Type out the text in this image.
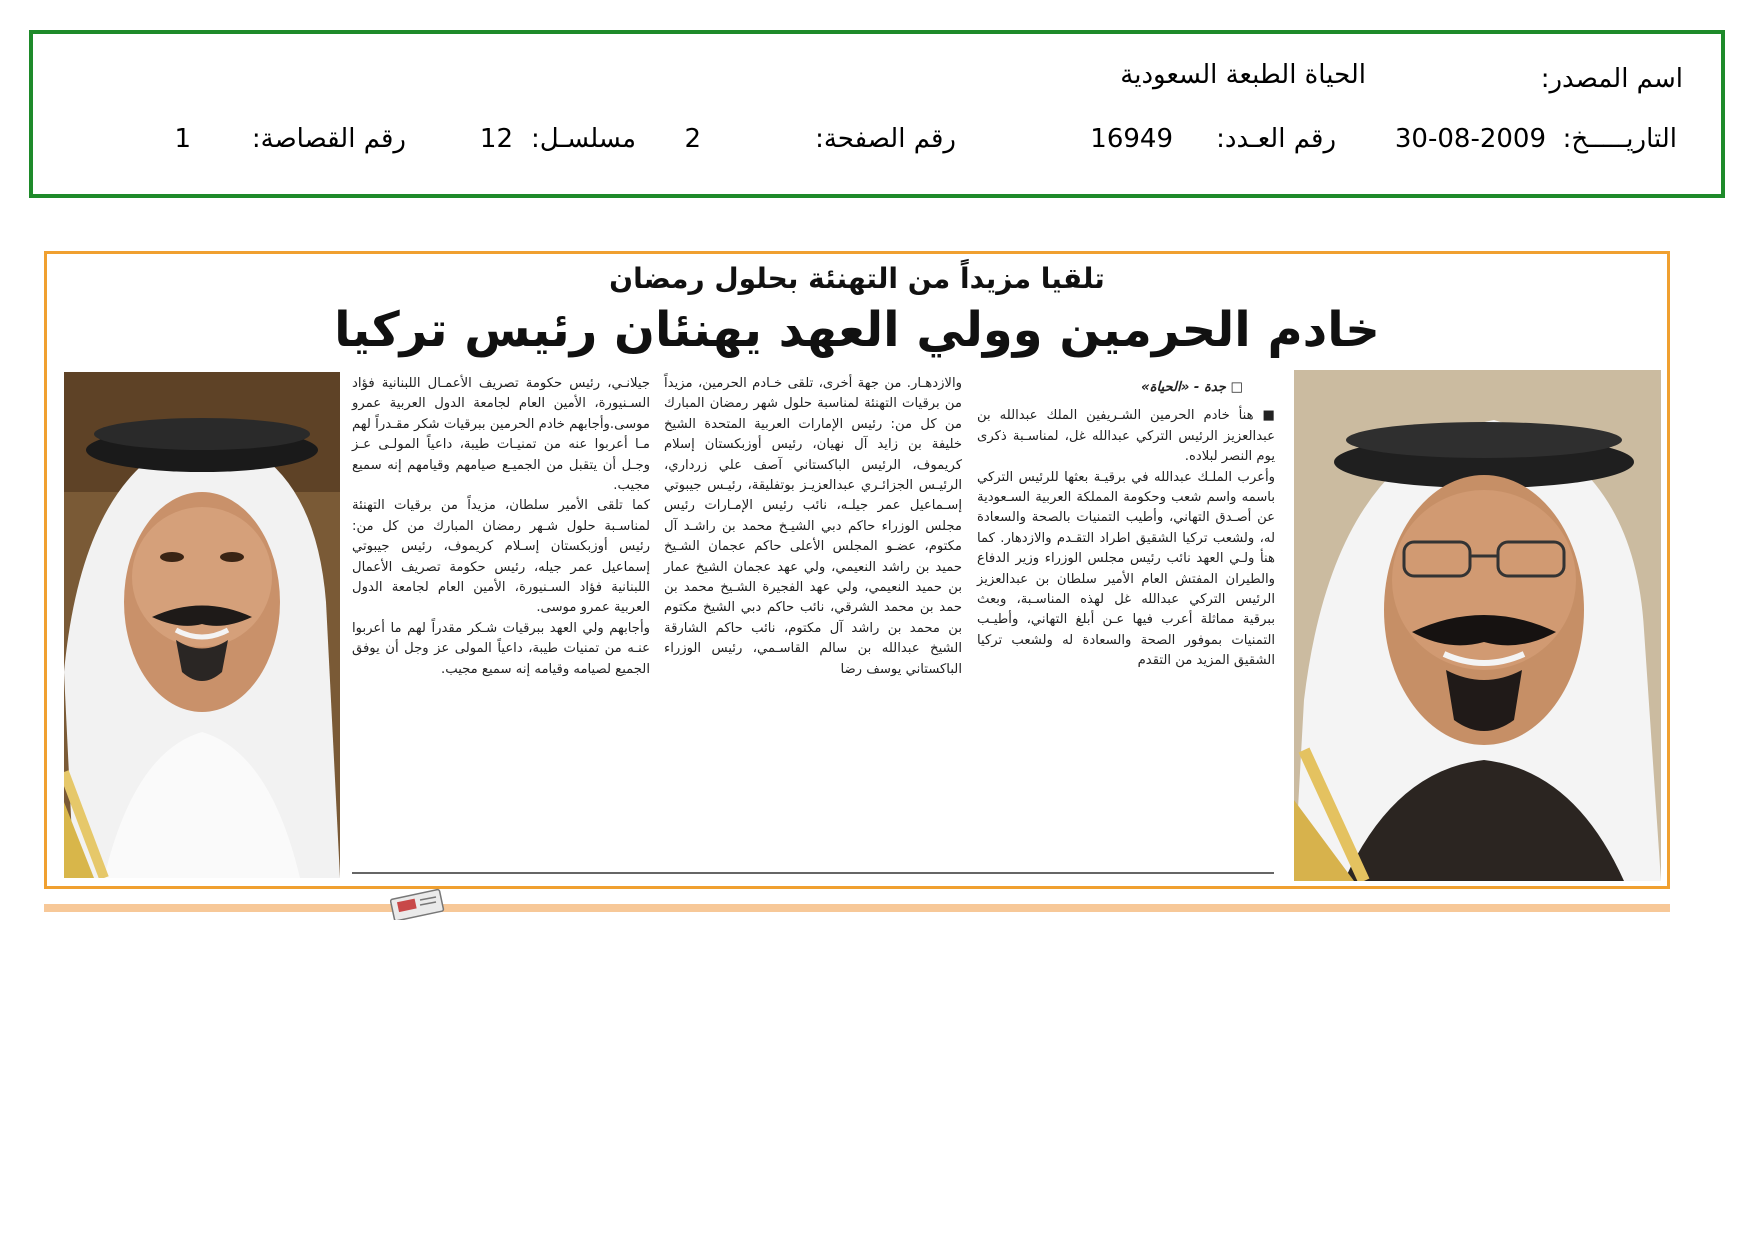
اسم المصدر:
الحياة الطبعة السعودية
التاريـــــخ:
30-08-2009
رقم العـدد:
16949
رقم الصفحة:
2
مسلسـل:
12
رقم القصاصة:
1
تلقيا مزيداً من التهنئة بحلول رمضان
خادم الحرمين وولي العهد يهنئان رئيس تركيا

□ جدة - «الحياة»

■ هنأ خادم الحرمين الشـريفين الملك عبدالله بن عبدالعزيز الرئيس التركي عبدالله غل، لمناسـبة ذكرى يوم النصر لبلاده.

وأعرب الملـك عبدالله في برقيـة بعثها للرئيس التركي باسمه واسم شعب وحكومة المملكة العربية السـعودية عن أصـدق التهاني، وأطيب التمنيات بالصحة والسعادة له، ولشعب تركيا الشقيق اطراد التقـدم والازدهار. كما هنأ ولـي العهد نائب رئيس مجلس الوزراء وزير الدفاع والطيران المفتش العام الأمير سلطان بن عبدالعزيز الرئيس التركي عبدالله غل لهذه المناسـبة، وبعث ببرقية مماثلة أعرب فيها عـن أبلغ التهاني، وأطيـب التمنيات بموفور الصحة والسعادة له ولشعب تركيا الشقيق المزيد من التقدم

والازدهـار. من جهة أخرى، تلقى خـادم الحرمين، مزيداً من برقيات التهنئة لمناسبة حلول شهر رمضان المبارك من كل من: رئيس الإمارات العربية المتحدة الشيخ خليفة بن زايد آل نهيان، رئيس أوزبكستان إسلام كريموف، الرئيس الباكستاني آصف علي زرداري، الرئيـس الجزائـري عبدالعزيـز بوتفليقة، رئيـس جيبوتي إسـماعيل عمر جيلـه، نائب رئيس الإمـارات رئيس مجلس الوزراء حاكم دبي الشيـخ محمد بن راشـد آل مكتوم، عضـو المجلس الأعلى حاكم عجمان الشـيخ حميد بن راشد النعيمي، ولي عهد عجمان الشيخ عمار بن حميد النعيمي، ولي عهد الفجيرة الشـيخ محمد بن حمد بن محمد الشرقي، نائب حاكم دبي الشيخ مكتوم بن محمد بن راشد آل مكتوم، نائب حاكم الشارقة الشيخ عبدالله بن سالم القاسـمي، رئيس الوزراء الباكستاني يوسف رضا

جيلانـي، رئيس حكومة تصريف الأعمـال اللبنانية فؤاد السـنيورة، الأمين العام لجامعة الدول العربية عمرو موسى.وأجابهم خادم الحرمين ببرقيات شكر مقـدراً لهم مـا أعربوا عنه من تمنيـات طيبة، داعياً المولـى عـز وجـل أن يتقبل من الجميـع صيامهم وقيامهم إنه سميع مجيب.

كما تلقى الأمير سلطان، مزيداً من برقيات التهنئة لمناسـبة حلول شـهر رمضان المبارك من كل من: رئيس أوزبكستان إسـلام كريموف، رئيس جيبوتي إسماعيل عمر جيله، رئيس حكومة تصريف الأعمال اللبنانية فؤاد السـنيورة، الأمين العام لجامعة الدول العربية عمرو موسى.

وأجابهم ولي العهد ببرقيات شـكر مقدراً لهم ما أعربوا عنـه من تمنيات طيبة، داعياً المولى عز وجل أن يوفق الجميع لصيامه وقيامه إنه سميع مجيب.
